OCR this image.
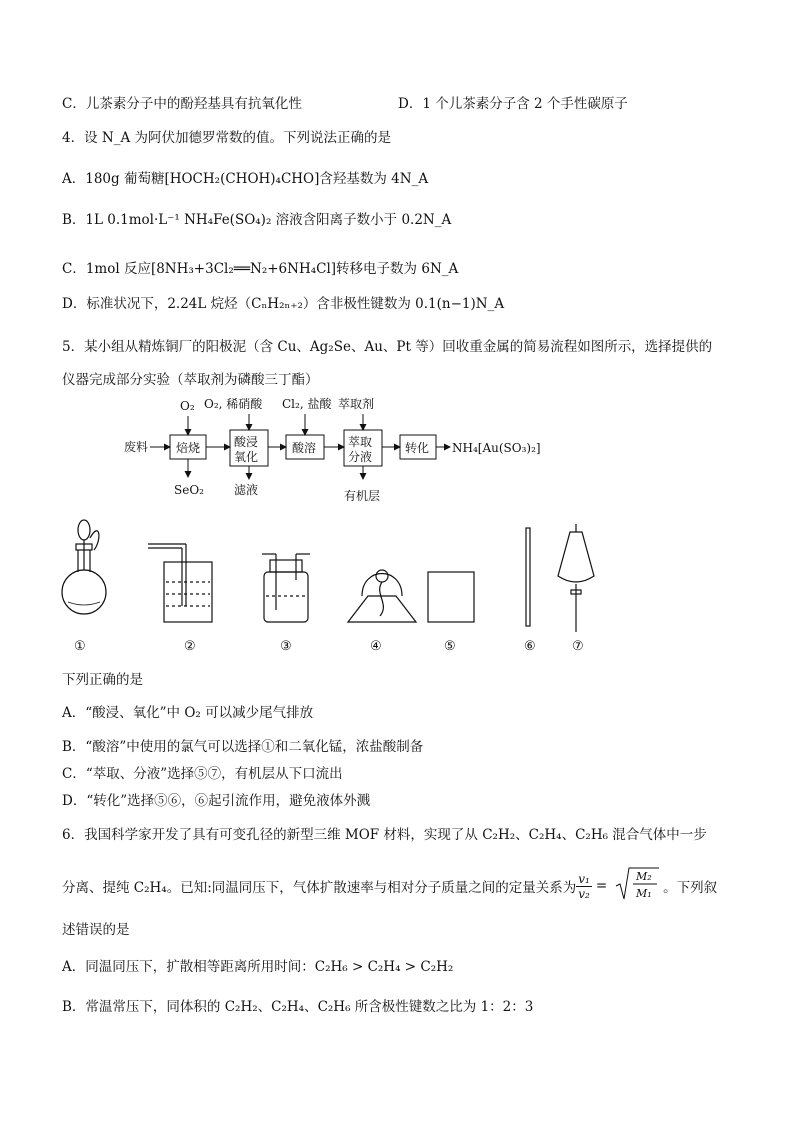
C．儿茶素分子中的酚羟基具有抗氧化性	D．1 个儿茶素分子含 2 个手性碳原子
4．设 N_A 为阿伏加德罗常数的值。下列说法正确的是
A．180g 葡萄糖[HOCH₂(CHOH)₄CHO]含羟基数为 4N_A
B．1L 0.1mol·L⁻¹ NH₄Fe(SO₄)₂ 溶液含阳离子数小于 0.2N_A
C．1mol 反应[8NH₃+3Cl₂══N₂+6NH₄Cl]转移电子数为 6N_A
D．标准状况下，2.24L 烷烃（CₙH₂ₙ₊₂）含非极性键数为 0.1(n−1)N_A
5．某小组从精炼铜厂的阳极泥（含 Cu、Ag₂Se、Au、Pt 等）回收重金属的简易流程如图所示，选择提供的
仪器完成部分实验（萃取剂为磷酸三丁酯）
废料 焙烧	酸浸
氧化
酸溶	萃取
分液
转化
O₂ O₂, 稀硝酸 Cl₂, 盐酸 萃取剂
SeO₂	滤液	有机层
NH₄[Au(SO₃)₂]
①	②	③	④	⑤	⑥	⑦
下列正确的是
A．“酸浸、氧化”中 O₂ 可以减少尾气排放
B．“酸溶”中使用的氯气可以选择①和二氧化锰，浓盐酸制备
C．“萃取、分液”选择⑤⑦，有机层从下口流出
D．“转化”选择⑤⑥，⑥起引流作用，避免液体外溅
6．我国科学家开发了具有可变孔径的新型三维 MOF 材料，实现了从 C₂H₂、C₂H₄、C₂H₆ 混合气体中一步
分离、提纯 C₂H₄。已知:同温同压下，气体扩散速率与相对分子质量之间的定量关系为 $\frac{\text{v₁}}{\text{v₂}}$ =
M₂
M₁ 。下列叙
述错误的是
A．同温同压下，扩散相等距离所用时间：C₂H₆ > C₂H₄ > C₂H₂
B．常温常压下，同体积的 C₂H₂、C₂H₄、C₂H₆ 所含极性键数之比为 1：2：3
